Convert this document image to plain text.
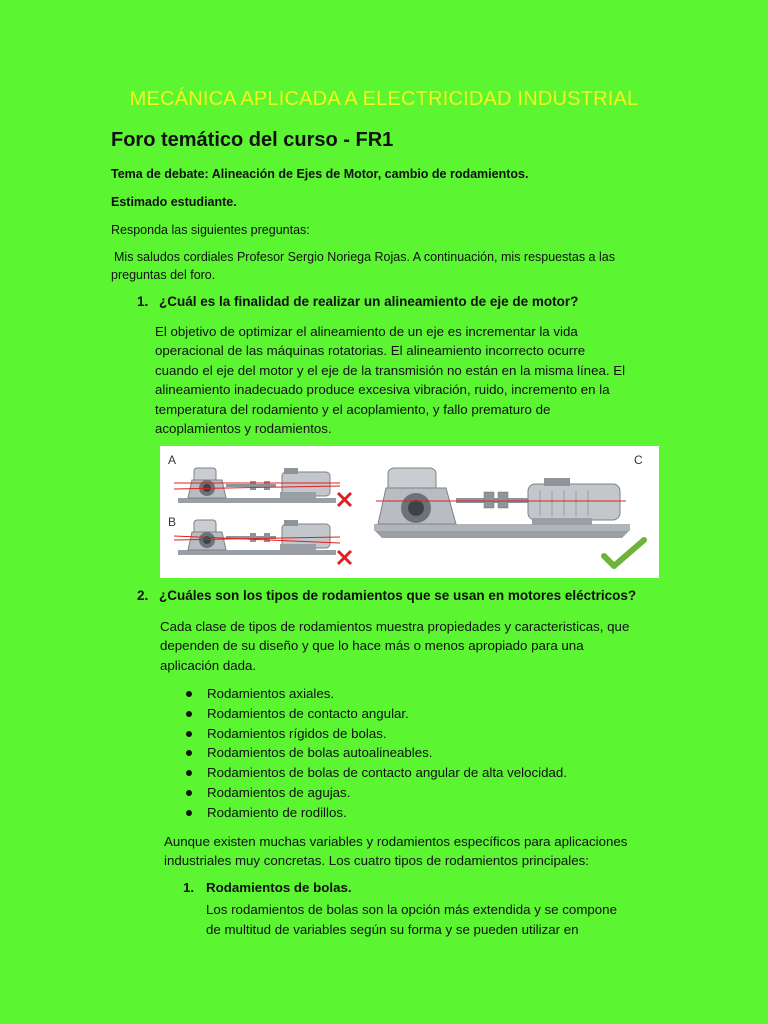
MECÁNICA APLICADA A ELECTRICIDAD INDUSTRIAL
Foro temático del curso - FR1
Tema de debate: Alineación de Ejes de Motor, cambio de rodamientos.
Estimado estudiante.
Responda las siguientes preguntas:
Mis saludos cordiales Profesor Sergio Noriega Rojas. A continuación, mis respuestas a las
preguntas del foro.
1. ¿Cuál es la finalidad de realizar un alineamiento de eje de motor?
El objetivo de optimizar el alineamiento de un eje es incrementar la vida
operacional de las máquinas rotatorias. El alineamiento incorrecto ocurre
cuando el eje del motor y el eje de la transmisión no están en la misma línea. El
alineamiento inadecuado produce excesiva vibración, ruido, incremento en la
temperatura del rodamiento y el acoplamiento, y fallo prematuro de
acoplamientos y rodamientos.
A
B
C
2. ¿Cuáles son los tipos de rodamientos que se usan en motores eléctricos?
Cada clase de tipos de rodamientos muestra propiedades y caracteristicas, que
dependen de su diseño y que lo hace más o menos apropiado para una
aplicación dada.
Rodamientos axiales.
Rodamientos de contacto angular.
Rodamientos rígidos de bolas.
Rodamientos de bolas autoalineables.
Rodamientos de bolas de contacto angular de alta velocidad.
Rodamientos de agujas.
Rodamiento de rodillos.
Aunque existen muchas variables y rodamientos específicos para aplicaciones
industriales muy concretas. Los cuatro tipos de rodamientos principales:
1. Rodamientos de bolas.
Los rodamientos de bolas son la opción más extendida y se compone
de multitud de variables según su forma y se pueden utilizar en
